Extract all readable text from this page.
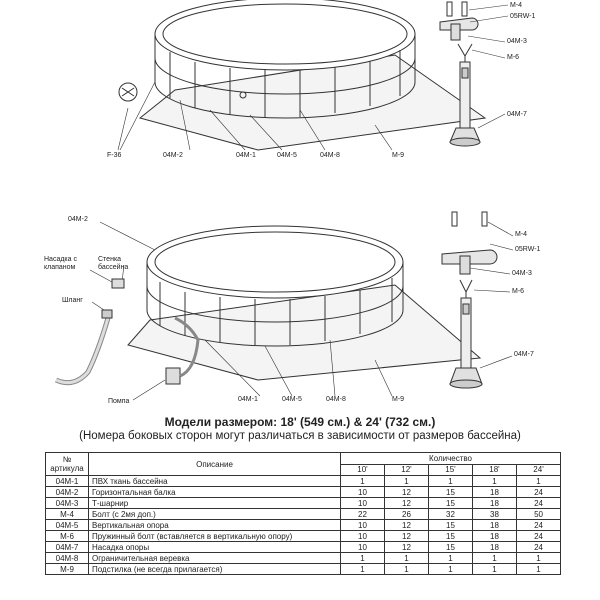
M-4
05RW-1
04M-3
M-6
04M-7
F-36	04M-2	04M-1	04M-5	04M-8	M-9
04M-2
Насадка с клапаном
Стенка бассейна
Шланг
Помпа	04M-1	04M-5	04M-8	M-9
M-4
05RW-1
04M-3
M-6
04M-7
Модели размером: 18' (549 см.) & 24' (732 см.)
(Номера боковых сторон могут различаться в зависимости от размеров бассейна)
№ артикула	Описание	Количество				
		10'	12'	15'	18'	24'
04M-1	ПВХ ткань бассейна	1	1	1	1	1
04M-2	Горизонтальная балка	10	12	15	18	24
04M-3	Т-шарнир	10	12	15	18	24
M-4	Болт (с 2мя доп.)	22	26	32	38	50
04M-5	Вертикальная опора	10	12	15	18	24
M-6	Пружинный болт (вставляется в вертикальную опору)	10	12	15	18	24
04M-7	Насадка опоры	10	12	15	18	24
04M-8	Ограничительная веревка	1	1	1	1	1
M-9	Подстилка (не всегда прилагается)	1	1	1	1	1
